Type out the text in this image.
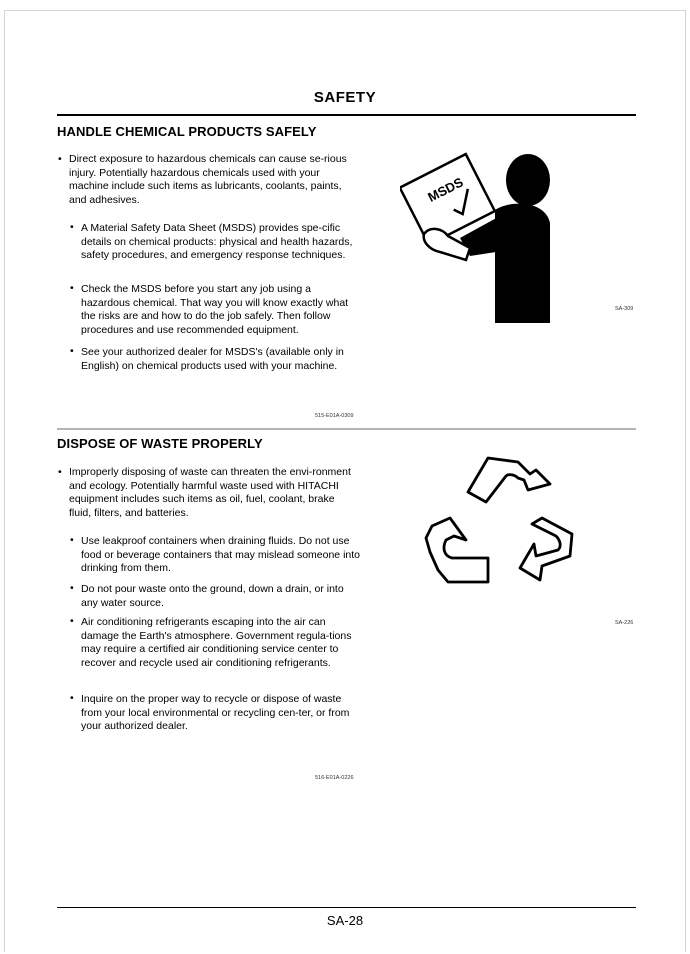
SAFETY
HANDLE CHEMICAL PRODUCTS SAFELY
• Direct exposure to hazardous chemicals can cause se-rious injury. Potentially hazardous chemicals used with your machine include such items as lubricants, coolants, paints, and adhesives.
• A Material Safety Data Sheet (MSDS) provides spe-cific details on chemical products: physical and health hazards, safety procedures, and emergency response techniques.
• Check the MSDS before you start any job using a hazardous chemical. That way you will know exactly what the risks are and how to do the job safely. Then follow procedures and use recommended equipment.
• See your authorized dealer for MSDS's (available only in English) on chemical products used with your machine.
515-E01A-0309
MSDS
SA-309
DISPOSE OF WASTE PROPERLY
• Improperly disposing of waste can threaten the envi-ronment and ecology. Potentially harmful waste used with HITACHI equipment includes such items as oil, fuel, coolant, brake fluid, filters, and batteries.
• Use leakproof containers when draining fluids. Do not use food or beverage containers that may mislead someone into drinking from them.
• Do not pour waste onto the ground, down a drain, or into any water source.
• Air conditioning refrigerants escaping into the air can damage the Earth's atmosphere. Government regula-tions may require a certified air conditioning service center to recover and recycle used air conditioning refrigerants.
• Inquire on the proper way to recycle or dispose of waste from your local environmental or recycling cen-ter, or from your authorized dealer.
516-E01A-0226
SA-226
SA-28
